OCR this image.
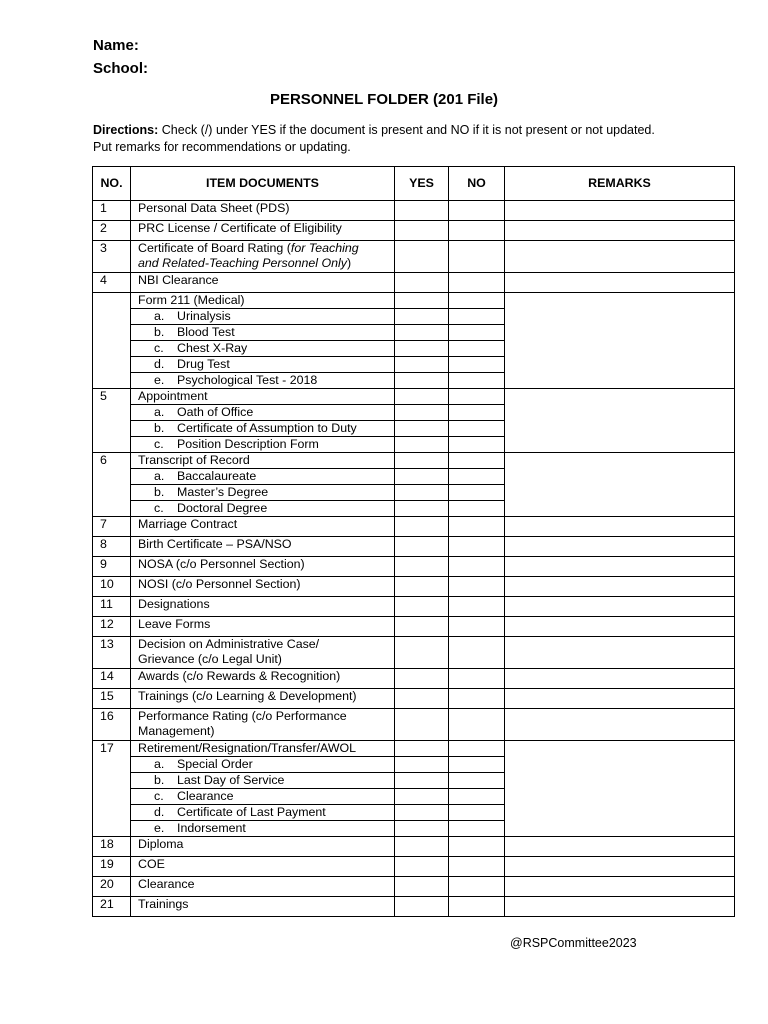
Name:
School:
PERSONNEL FOLDER (201 File)
Directions: Check (/) under YES if the document is present and NO if it is not present or not updated.
Put remarks for recommendations or updating.
NO.	ITEM DOCUMENTS	YES	NO	REMARKS
1	Personal Data Sheet (PDS)			
2	PRC License / Certificate of Eligibility			
3	Certificate of Board Rating (for Teaching
and Related-Teaching Personnel Only)			
4	NBI Clearance			
	Form 211 (Medical)			
	a. Urinalysis			
	b. Blood Test			
	c. Chest X-Ray			
	d. Drug Test			
	e. Psychological Test - 2018			
5	Appointment			
	a. Oath of Office			
	b. Certificate of Assumption to Duty			
	c. Position Description Form			
6	Transcript of Record			
	a. Baccalaureate			
	b. Master’s Degree			
	c. Doctoral Degree			
7	Marriage Contract			
8	Birth Certificate – PSA/NSO			
9	NOSA (c/o Personnel Section)			
10	NOSI (c/o Personnel Section)			
11	Designations			
12	Leave Forms			
13	Decision on Administrative Case/
Grievance (c/o Legal Unit)			
14	Awards (c/o Rewards & Recognition)			
15	Trainings (c/o Learning & Development)			
16	Performance Rating (c/o Performance
Management)			
17	Retirement/Resignation/Transfer/AWOL			
	a. Special Order			
	b. Last Day of Service			
	c. Clearance			
	d. Certificate of Last Payment			
	e. Indorsement			
18	Diploma			
19	COE			
20	Clearance			
21	Trainings			
@RSPCommittee2023
